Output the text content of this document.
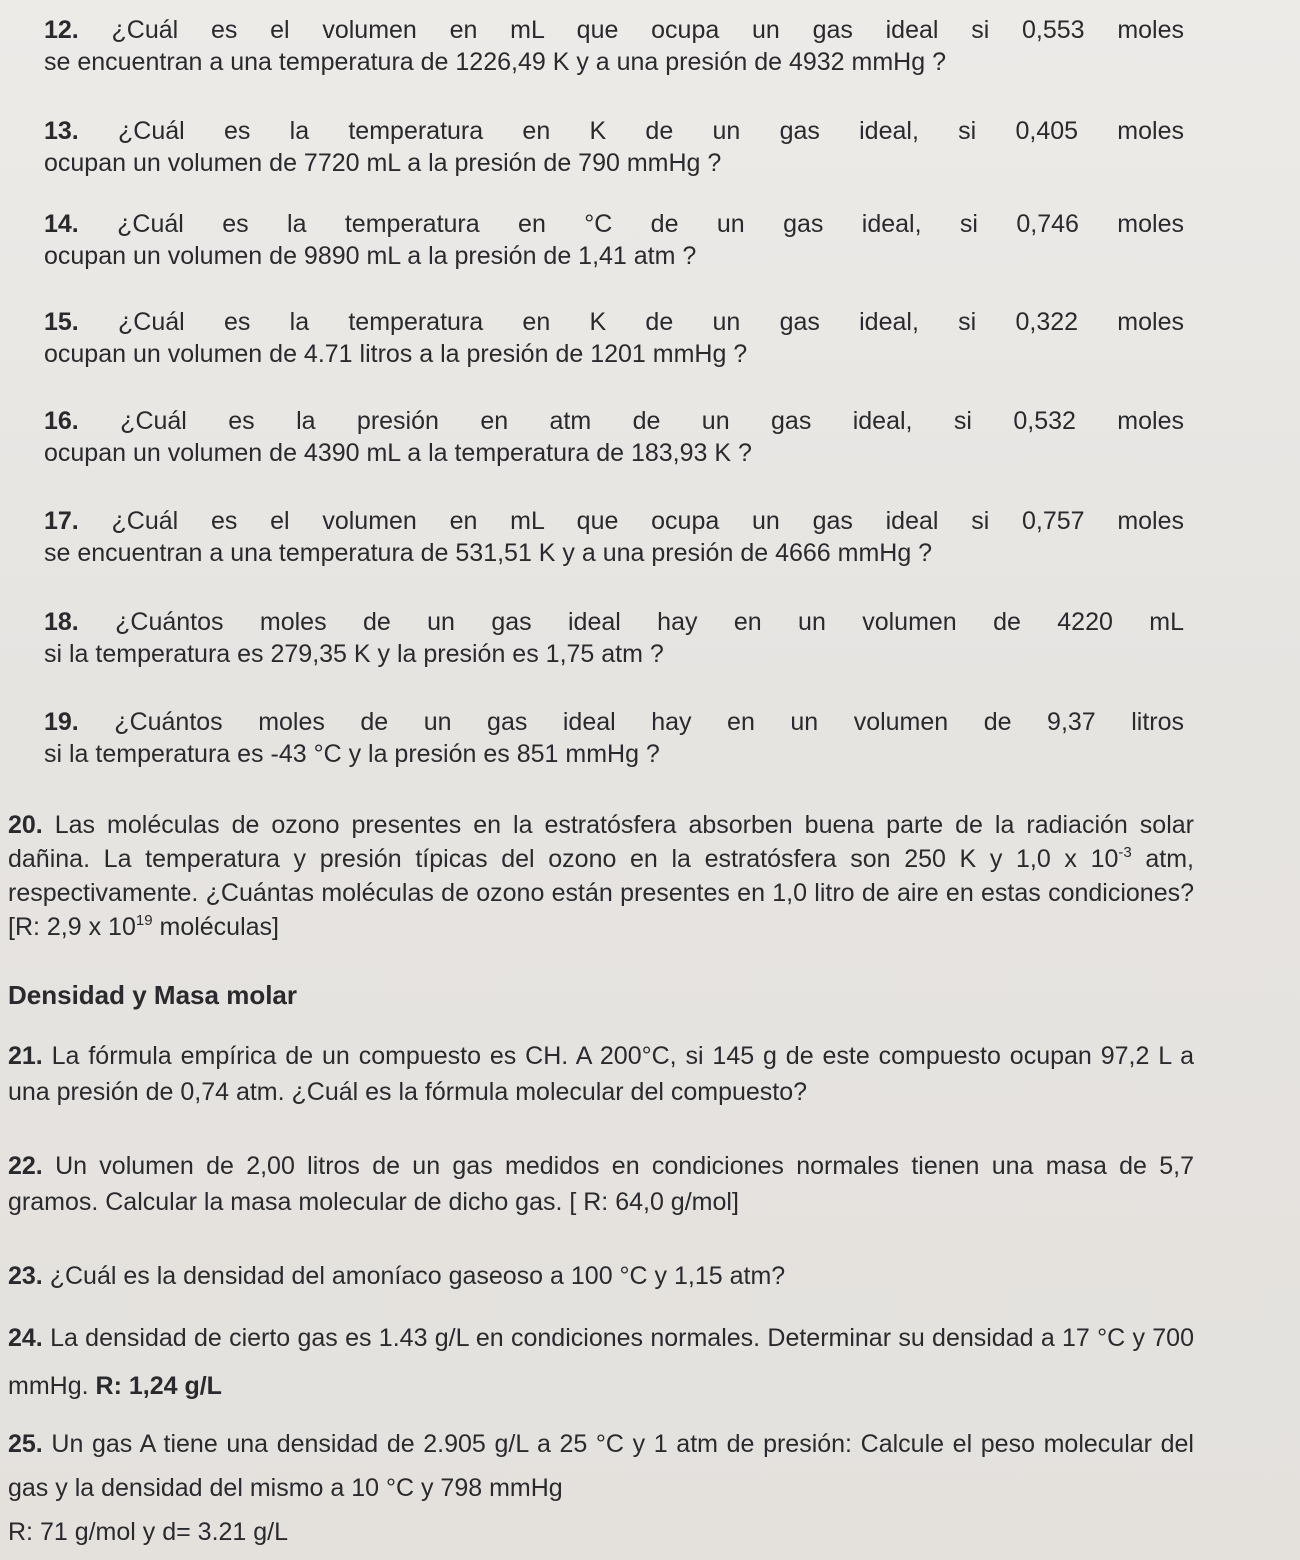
12. ¿Cuál es el volumen en mL que ocupa un gas ideal si 0,553 moles
se encuentran a una temperatura de 1226,49 K y a una presión de 4932 mmHg ?
13. ¿Cuál es la temperatura en K de un gas ideal, si 0,405 moles
ocupan un volumen de 7720 mL a la presión de 790 mmHg ?
14. ¿Cuál es la temperatura en °C de un gas ideal, si 0,746 moles
ocupan un volumen de 9890 mL a la presión de 1,41 atm ?
15. ¿Cuál es la temperatura en K de un gas ideal, si 0,322 moles
ocupan un volumen de 4.71 litros a la presión de 1201 mmHg ?
16. ¿Cuál es la presión en atm de un gas ideal, si 0,532 moles
ocupan un volumen de 4390 mL a la temperatura de 183,93 K ?
17. ¿Cuál es el volumen en mL que ocupa un gas ideal si 0,757 moles
se encuentran a una temperatura de 531,51 K y a una presión de 4666 mmHg ?
18. ¿Cuántos moles de un gas ideal hay en un volumen de 4220 mL
si la temperatura es 279,35 K y la presión es 1,75 atm ?
19. ¿Cuántos moles de un gas ideal hay en un volumen de 9,37 litros
si la temperatura es -43 °C y la presión es 851 mmHg ?
20. Las moléculas de ozono presentes en la estratósfera absorben buena parte de la radiación solar dañina. La temperatura y presión típicas del ozono en la estratósfera son 250 K y 1,0 x $10^{-3}$ atm, respectivamente. ¿Cuántas moléculas de ozono están presentes en 1,0 litro de aire en estas condiciones? [R: 2,9 x $10^{19}$ moléculas]
Densidad y Masa molar
21. La fórmula empírica de un compuesto es CH. A 200°C, si 145 g de este compuesto ocupan 97,2 L a una presión de 0,74 atm. ¿Cuál es la fórmula molecular del compuesto?
22. Un volumen de 2,00 litros de un gas medidos en condiciones normales tienen una masa de 5,7 gramos. Calcular la masa molecular de dicho gas. [ R: 64,0 g/mol]
23. ¿Cuál es la densidad del amoníaco gaseoso a 100 °C y 1,15 atm?
24. La densidad de cierto gas es 1.43 g/L en condiciones normales. Determinar su densidad a 17 °C y 700 mmHg. R: 1,24 g/L
25. Un gas A tiene una densidad de 2.905 g/L a 25 °C y 1 atm de presión: Calcule el peso molecular del gas y la densidad del mismo a 10 °C y 798 mmHg
R: 71 g/mol y d= 3.21 g/L
